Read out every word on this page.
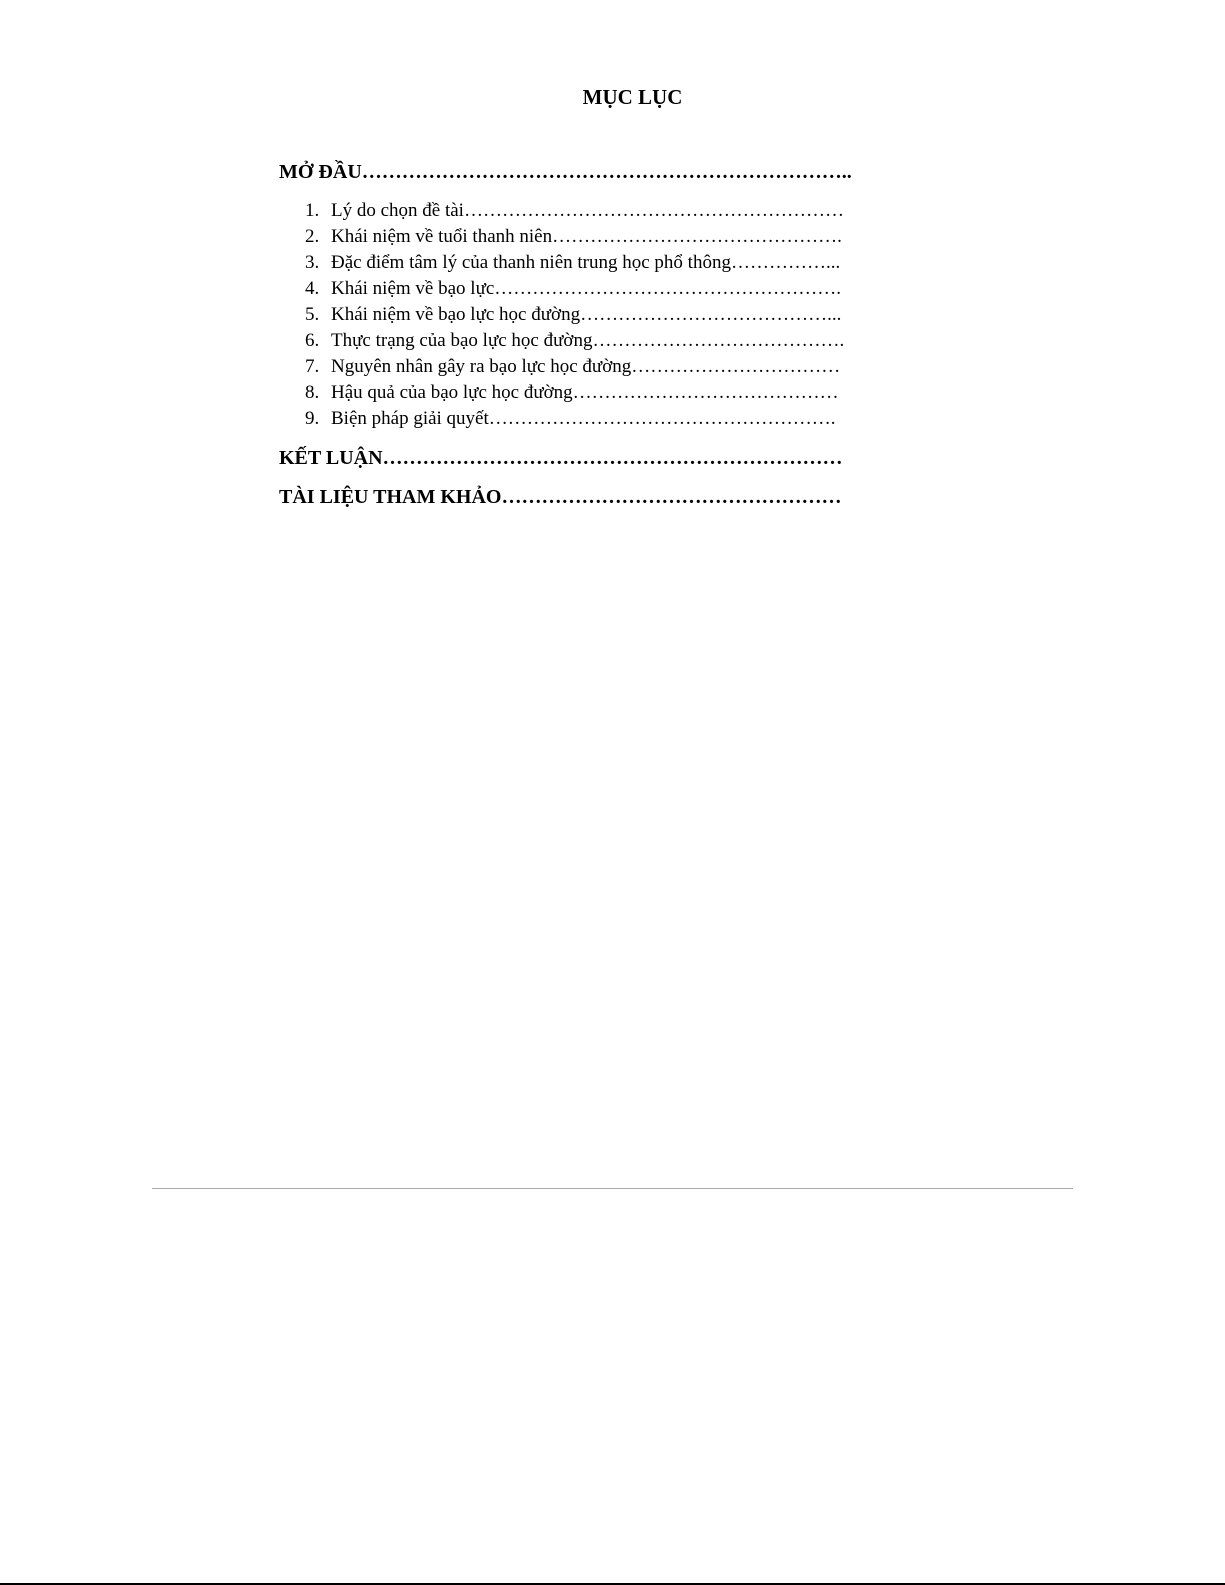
MỤC LỤC
MỞ ĐẦU………………………………………………………………..
1. Lý do chọn đề tài……………………………………………………
2. Khái niệm về tuổi thanh niên……………………………………….
3. Đặc điểm tâm lý của thanh niên trung học phổ thông……………...
4. Khái niệm về bạo lực……………………………………………….
5. Khái niệm về bạo lực học đường…………………………………...
6. Thực trạng của bạo lực học đường………………………………….
7. Nguyên nhân gây ra bạo lực học đường……………………………
8. Hậu quả của bạo lực học đường……………………………………
9. Biện pháp giải quyết……………………………………………….
KẾT LUẬN……………………………………………………………
TÀI LIỆU THAM KHẢO……………………………………………
